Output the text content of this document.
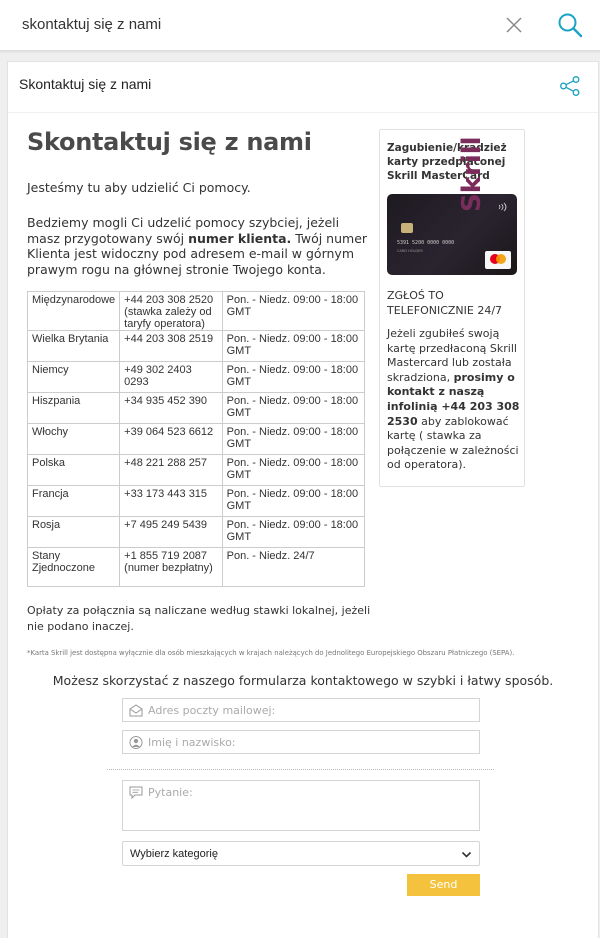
skontaktuj się z nami
Skontaktuj się z nami
Skontaktuj się z nami
Jesteśmy tu aby udzielić Ci pomocy.
Bedziemy mogli Ci udzelić pomocy szybciej, jeżeli masz przygotowany swój numer klienta. Twój numer Klienta jest widoczny pod adresem e-mail w górnym prawym rogu na głównej stronie Twojego konta.
Międzynarodowe	+44 203 308 2520 (stawka zależy od taryfy operatora)	Pon. - Niedz. 09:00 - 18:00 GMT
Wielka Brytania	+44 203 308 2519	Pon. - Niedz. 09:00 - 18:00 GMT
Niemcy	+49 302 2403 0293	Pon. - Niedz. 09:00 - 18:00 GMT
Hiszpania	+34 935 452 390	Pon. - Niedz. 09:00 - 18:00 GMT
Włochy	+39 064 523 6612	Pon. - Niedz. 09:00 - 18:00 GMT
Polska	+48 221 288 257	Pon. - Niedz. 09:00 - 18:00 GMT
Francja	+33 173 443 315	Pon. - Niedz. 09:00 - 18:00 GMT
Rosja	+7 495 249 5439	Pon. - Niedz. 09:00 - 18:00 GMT
Stany Zjednoczone	+1 855 719 2087 (numer bezpłatny)	Pon. - Niedz. 24/7
Opłaty za połącznia są naliczane według stawki lokalnej, jeżeli nie podano inaczej.
*Karta Skrill jest dostępna wyłącznie dla osób mieszkających w krajach należących do Jednolitego Europejskiego Obszaru Płatniczego (SEPA).
Zagubienie/kradzież karty przedpłaconej Skrill MasterCard
5391 5200 0000 0000
CARD HOLDER
Skrill
ZGŁOŚ TO TELEFONICZNIE 24/7
Jeżeli zgubiłeś swoją kartę przedłaconą Skrill Mastercard lub została skradziona, prosimy o kontakt z naszą infolinią +44 203 308 2530 aby zablokować kartę ( stawka za połączenie w zależności od operatora).
Możesz skorzystać z naszego formularza kontaktowego w szybki i łatwy sposób.
Adres poczty mailowej:
Imię i nazwisko:
Pytanie:
Wybierz kategorię
Send
